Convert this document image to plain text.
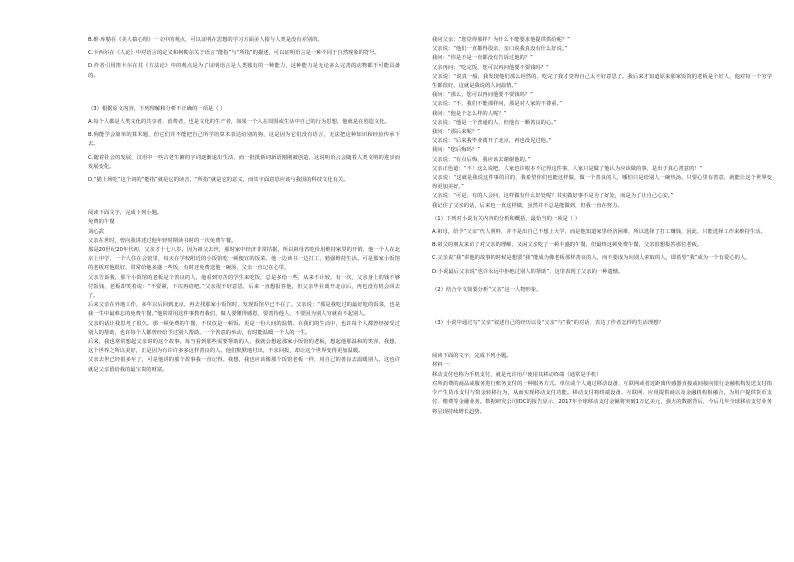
B.维·库勒在《美人猿心理》一文中的观点，可以证明在思想的学习方面美人猿与人类是没有差别的。

C.卡西尔在《人论》中对语言的定义和柯勒尔关于语言“能指”与“所指”的描述，可以证明语言是一种不同于自然现象的符号。

D.作者引用笛卡尔在其《方法论》中的观点是为了证明语言是人类独有的一种能力，这种能力是无论多么完善的动物都不可能具备的。

（3）根据原文内容，下列理解和分析不正确的一项是（ ）

A.每个人都是人类文化的共享者、消费者，也是文化的生产者，如果一个人在周围或生活中自己的行为思想，他就是在创造文化。

B.狗能学会简单的算术题，但它们并不能把自己所学的算术表达给别的狗，这是因为它们没有语言，无法把这种知识和经验传承下去。

C.随着社会的发展，汉语中一些古老生僻的字词逐渐退出生活，而一批批新词新语刚刚被创造，这说明语言会随着人类文明的进步而发展变化。

D.“猫上场吃”这个词的“能指”就是它的读音，“所指”就是它的意义，而其字面意思应该与我国的科技文化有关。

阅读下面文字，完成下列小题。

免费的午餐

刘心武

父亲在世时，曾向我讲述过他年轻时期读书时的一次免费午餐。

那是20世纪20年代初，父亲才十七八岁。因为祖父去世，那时家中经济非常拮据，所以祖母省吃俭用维持家里的开销，他一个人在北京上中学，一个人住在会馆里，每天在学校附近的小饭馆吃一顿便宜的饭菜。他一边读书一边打工，勉强维持生活。可是那家小饭馆的老板对他很好，常常给他多盛一些饭，有时还免费送他一碗汤，父亲一直记在心里。

父亲告诉我，那个小饭馆的老板是个善良的人，他看到穷苦的学生来吃饭，总是多给一些，从来不计较。有一次，父亲身上的钱不够付饭钱，老板却笑着说：“不要紧，下次再给吧。”父亲很不好意思，后来一直想报答他，但父亲毕业离开北京后，再也没有机会回去了。

后来父亲在外地工作，多年以后回到北京，再去找那家小饭馆时，发现饭馆早已不在了。父亲说：“那是我吃过的最好吃的饭菜，也是我一生中最难忘的免费午餐。”他常常用这件事教育我们，做人要懂得感恩，要善待他人，不要因为别人穷就看不起别人。

父亲的话让我思考了很久。那一顿免费的午餐，不仅仅是一顿饭，更是一份人间的温情。在我们的生活中，也许每个人都曾经接受过别人的帮助，也许每个人都曾经给予过别人帮助。一个善意的举动，有时能温暖一个人的一生。

后来，我也常常想起父亲讲的这个故事。每当看到那些需要帮助的人，我就会想起那家小饭馆的老板，想起他那温和的笑容。我想，这个世界之所以美好，正是因为有许许多多这样善良的人。他们默默地付出，不求回报，却让这个世界变得更加温暖。

父亲去世已经很多年了，可是他讲的那个故事我一直记得。我想，我也应该像那个饭馆老板一样，用自己的善良去温暖别人。这也许就是父亲留给我的最宝贵的财富。

我问父亲：“您觉得那样？为什么不能要求他提供供给呢？”

父亲说：“他们一直都得很亲，亲口说我真没有什么好说。”

我问：“你是不是一直都没有告诉过他的？”

父亲再问：“吃完饭，您可以再问他要不要钱吗？”

父亲说：“说真一般，我发现他们那么坦然的，吃完了我才觉得自己太不好意思了。我后来才知道原来那家饭馆的老板是个好人，他对每一个穷学生都很好，这就是我说的人间温情。”

我问：“那么，您可以再问他要不要钱吗？”

父亲说：“不，我们不能那样问，那是对人家的不尊重。”

我问：“他是个怎么样的人呢？”

父亲说：“他是一个普通的人，但他有一颗善良的心。”

我问：“那后来呢？”

父亲说：“后来我毕业离开了北京，再也没见过他。”

我问：“您后悔吗？”

父亲说：“有点后悔，我应该去谢谢他的。”

父亲正色道：“不！这么说吧，人家也许根本不记得这件事，人家只是做了他认为应该做的事，是出于真心善意的！”

父亲说：“这就是我说这件事的目的，我希望你们也能这样做，做一个善良的人，哪怕只是给别人一碗热汤。只要心里有善意，就能让这个世界变得更加美好。”

父亲说：“可是，有的人会问，这样做有什么好处呢？其实做好事不是为了好处，而是为了让自己心安。”

我记住了父亲的话，后来也一直这样做，虽然并不总是能做到，但我一直在努力。

（1）下列对小说有关内容的分析和概括，最恰当的一项是（ ）

A.祖母，给予“父亲”代人照料，并不是出自己不想上大学，而是他知道家里经济困难，所以选择了打工赚钱，因此，只能选择工作来维持生活。

B.祖父的朋友来访了对父亲的理解，又闲父亲吃了一顿丰盛的午餐，但最终这顿免费午餐，父亲很想报答那位老板。

C.父亲说“我”讲他的故事的时候是想要“我”能成为像老板那样善良的人，而不要成为向别人索取的人，即希望“我”成为一个有爱心的人。

D.小说最后父亲说“也许永远中拒绝过别人的帮助”，这里表现了父亲的一种遗憾。

（2）结合全文简要分析“父亲”这一人物形象。

（3）小说中通过写“父亲”叙述自己的经历以及“父亲”与“我”的对话，表达了作者怎样的生活理想？

阅读下面的文字，完成下列小题。

材料一：

移动支付也称为手机支付，就是允许用户使用其移动终端（通常是手机）

对所消费的商品或服务进行账务支付的一种服务方式。单位或个人通过移动设备、互联网或者近距离传感器直接或间接向银行金融机构发送支付指令产生货币支付与资金转移行为，从而实现移动支付功能。移动支付将终端设备、互联网、应用提供商以及金融机构相融合，为用户提供货币支付、缴费等金融业务。数据研究公司IDC的报告显示，2017年全球移动支付金额将突破1万亿美元，强大的数据背后，今后几年全球移动支付业务将呈现持续增长趋势。
